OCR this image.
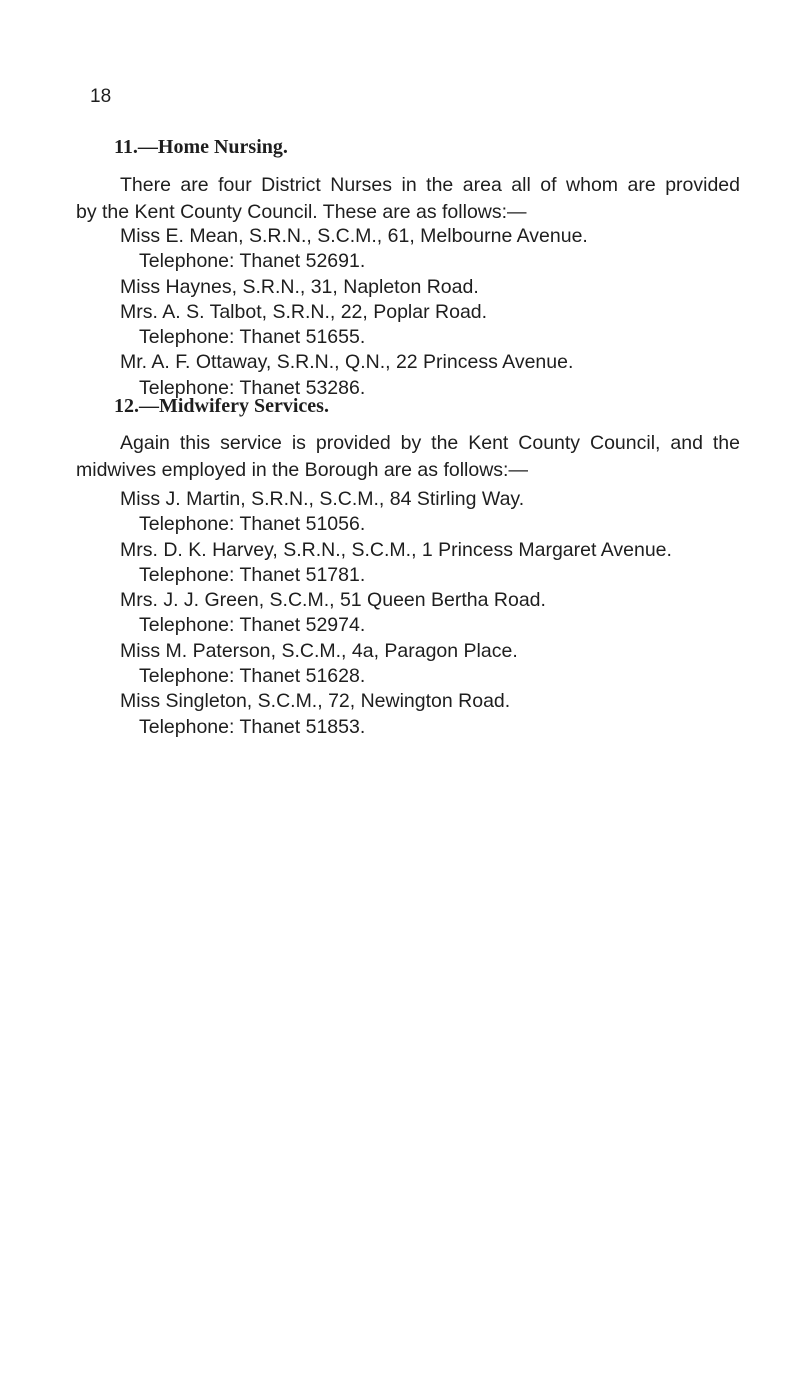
18
11.—Home Nursing.
There are four District Nurses in the area all of whom are provided
by the Kent County Council. These are as follows:—
Miss E. Mean, S.R.N., S.C.M., 61, Melbourne Avenue.
Telephone: Thanet 52691.
Miss Haynes, S.R.N., 31, Napleton Road.
Mrs. A. S. Talbot, S.R.N., 22, Poplar Road.
Telephone: Thanet 51655.
Mr. A. F. Ottaway, S.R.N., Q.N., 22 Princess Avenue.
Telephone: Thanet 53286.
12.—Midwifery Services.
Again this service is provided by the Kent County Council, and the
midwives employed in the Borough are as follows:—
Miss J. Martin, S.R.N., S.C.M., 84 Stirling Way.
Telephone: Thanet 51056.
Mrs. D. K. Harvey, S.R.N., S.C.M., 1 Princess Margaret Avenue.
Telephone: Thanet 51781.
Mrs. J. J. Green, S.C.M., 51 Queen Bertha Road.
Telephone: Thanet 52974.
Miss M. Paterson, S.C.M., 4a, Paragon Place.
Telephone: Thanet 51628.
Miss Singleton, S.C.M., 72, Newington Road.
Telephone: Thanet 51853.
